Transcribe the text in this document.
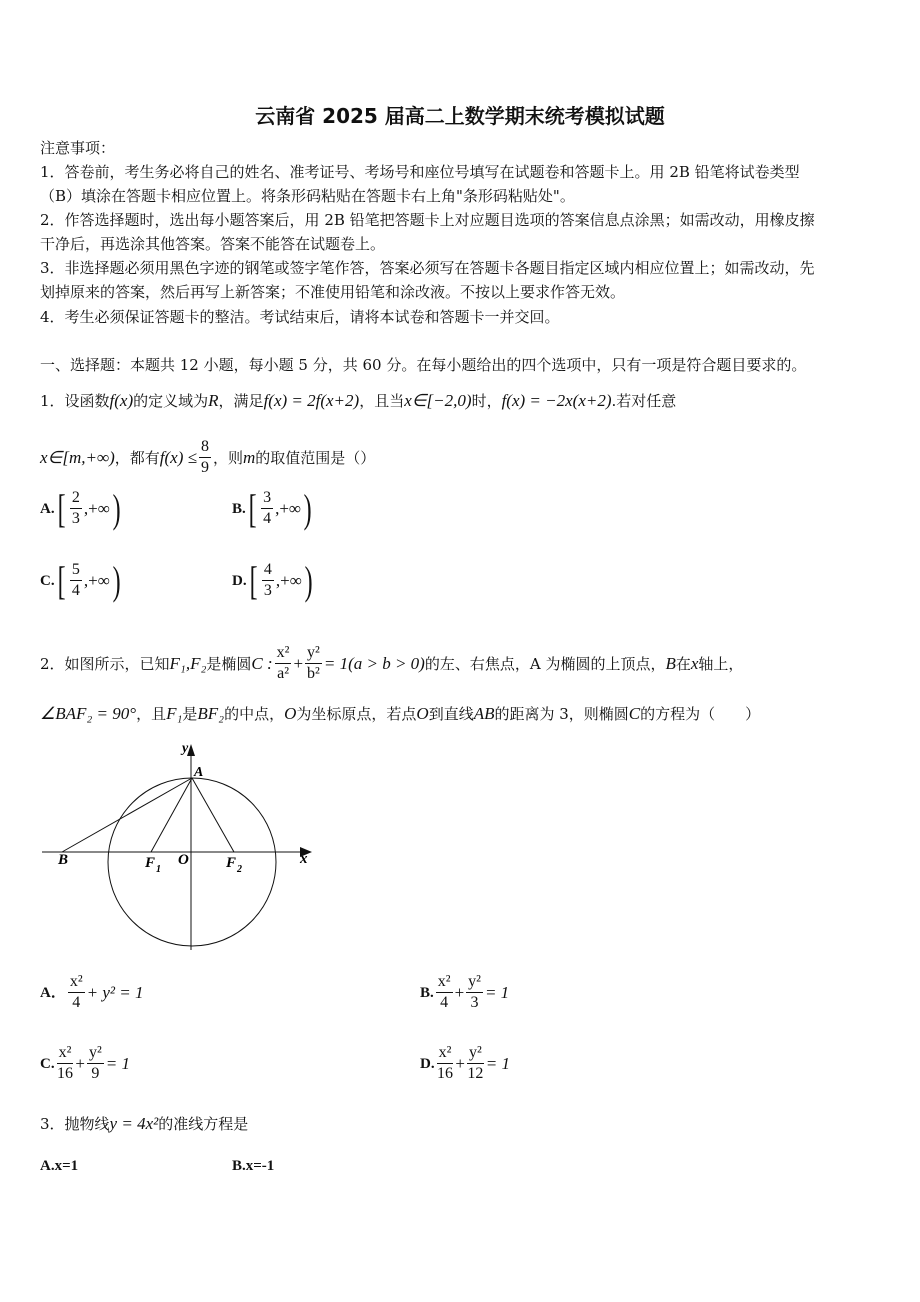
云南省 2025 届高二上数学期末统考模拟试题
一、选择题：本题共 12 小题，每小题 5 分，共 60 分。在每小题给出的四个选项中，只有一项是符合题目要求的。
1．设函数 f(x) 的定义域为 R ，满足 f(x) = 2f(x+2) ，且当 x∈[−2,0) 时， f(x) = −2x(x+2) .若对任意
x∈[m,+∞) ，都有 $f(x) \le \frac{8}{9}$ ，则 m 的取值范围是（）
2．如图所示，已知 F₁,F₂ 是椭圆 C : $\frac{\text{x²}}{\text{a²}} + \frac{\text{y²}}{\text{b²}} = 1(a > b > 0)$ 的左、右焦点，A 为椭圆的上顶点， B 在 x 轴上，
∠BAF₂ = 90° ，且 F₁ 是 BF₂ 的中点， O 为坐标原点，若点 O 到直线 AB 的距离为 3，则椭圆 C 的方程为（　　）
y
A
B	F 1
O F 2
x
3．抛物线 y = 4x² 的准线方程是
A.x=1	B.x=-1
注意事项：
1．答卷前，考生务必将自己的姓名、准考证号、考场号和座位号填写在试题卷和答题卡上。用 2B 铅笔将试卷类型
（B）填涂在答题卡相应位置上。将条形码粘贴在答题卡右上角"条形码粘贴处"。
2．作答选择题时，选出每小题答案后，用 2B 铅笔把答题卡上对应题目选项的答案信息点涂黑；如需改动，用橡皮擦
干净后，再选涂其他答案。答案不能答在试题卷上。
3．非选择题必须用黑色字迹的钢笔或签字笔作答，答案必须写在答题卡各题目指定区域内相应位置上；如需改动，先
划掉原来的答案，然后再写上新答案；不准使用铅笔和涂改液。不按以上要求作答无效。
4．考生必须保证答题卡的整洁。考试结束后，请将本试卷和答题卡一并交回。
A. [ $\frac{2}{3}$ ,+∞ )	B. [ $\frac{3}{4}$ ,+∞ )
C. [ $\frac{5}{4}$ ,+∞ )	D. [ $\frac{4}{3}$ ,+∞ )
A． $\frac{\text{x²}}{4} + y^2 = 1$	B. $\frac{\text{x²}}{4} + \frac{\text{y²}}{3} = 1$
C. $\frac{\text{x²}}{16} + \frac{\text{y²}}{9} = 1$	D. $\frac{\text{x²}}{16} + \frac{\text{y²}}{12} = 1$
